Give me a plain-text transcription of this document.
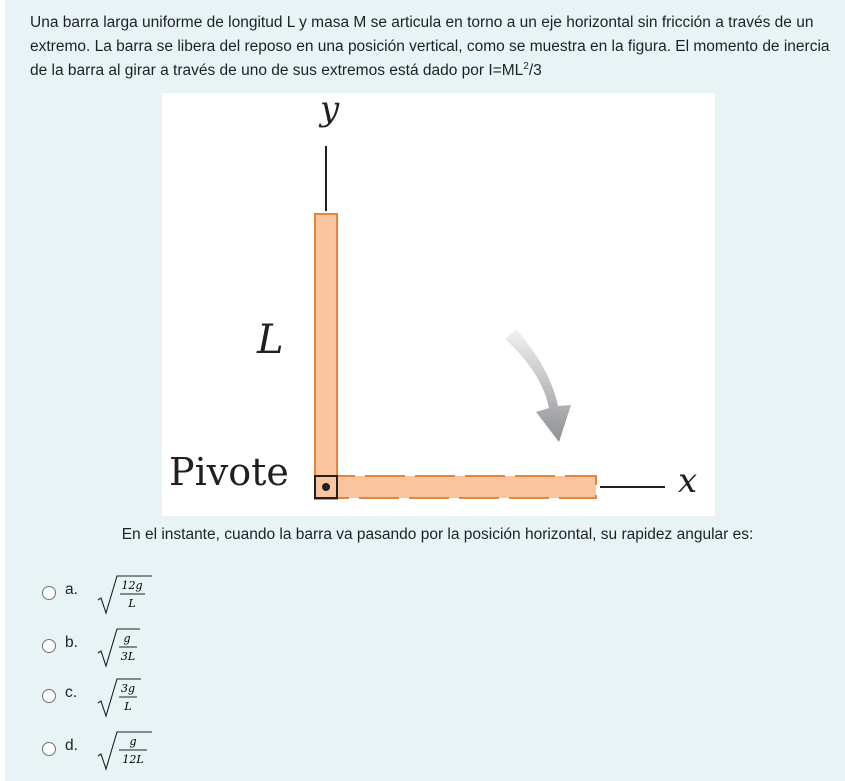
Una barra larga uniforme de longitud L y masa M se articula en torno a un eje horizontal sin fricción a través de un extremo. La barra se libera del reposo en una posición vertical, como se muestra en la figura. El momento de inercia de la barra al girar a través de uno de sus extremos está dado por $I=ML^2/3$
y
L
Pivote	x
En el instante, cuando la barra va pasando por la posición horizontal, su rapidez angular es:
a.	12g
L
b.	g
3L
c.	3g
L
d.	g
12L
